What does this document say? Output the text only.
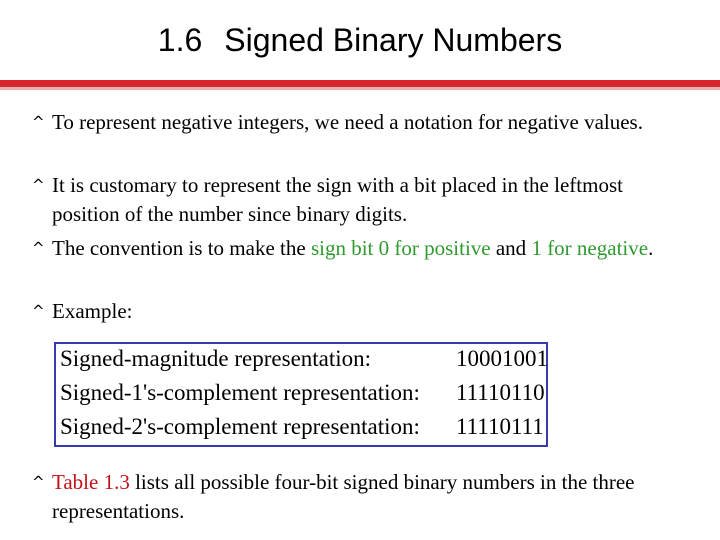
1.6 Signed Binary Numbers
^ To represent negative integers, we need a notation for negative values.
^ It is customary to represent the sign with a bit placed in the leftmost position of the number since binary digits.
^ The convention is to make the sign bit 0 for positive and 1 for negative.
^ Example:
Signed-magnitude representation:	10001001
Signed-1's-complement representation: 11110110
Signed-2's-complement representation: 11110111
^ Table 1.3 lists all possible four-bit signed binary numbers in the three representations.
